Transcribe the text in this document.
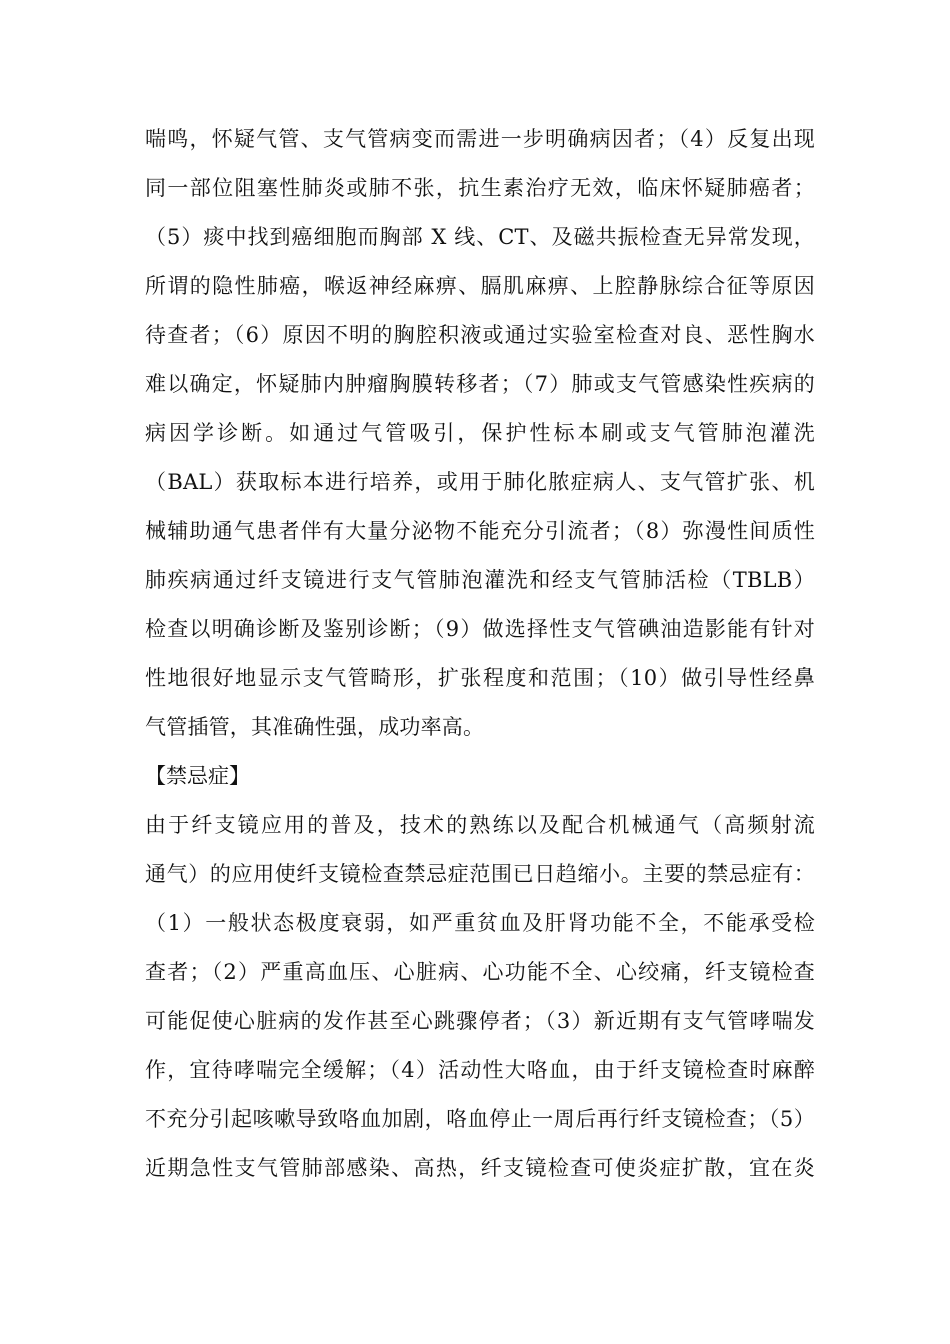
喘鸣，怀疑气管、支气管病变而需进一步明确病因者；（4）反复出现
同一部位阻塞性肺炎或肺不张，抗生素治疗无效，临床怀疑肺癌者；
（5）痰中找到癌细胞而胸部 X 线、CT、及磁共振检查无异常发现，
所谓的隐性肺癌，喉返神经麻痹、膈肌麻痹、上腔静脉综合征等原因
待查者；（6）原因不明的胸腔积液或通过实验室检查对良、恶性胸水
难以确定，怀疑肺内肿瘤胸膜转移者；（7）肺或支气管感染性疾病的
病因学诊断。如通过气管吸引，保护性标本刷或支气管肺泡灌洗
（BAL）获取标本进行培养，或用于肺化脓症病人、支气管扩张、机
械辅助通气患者伴有大量分泌物不能充分引流者；（8）弥漫性间质性
肺疾病通过纤支镜进行支气管肺泡灌洗和经支气管肺活检（TBLB）
检查以明确诊断及鉴别诊断；（9）做选择性支气管碘油造影能有针对
性地很好地显示支气管畸形，扩张程度和范围；（10）做引导性经鼻
气管插管，其准确性强，成功率高。
【禁忌症】
由于纤支镜应用的普及，技术的熟练以及配合机械通气（高频射流
通气）的应用使纤支镜检查禁忌症范围已日趋缩小。主要的禁忌症有：
（1）一般状态极度衰弱，如严重贫血及肝肾功能不全，不能承受检
查者；（2）严重高血压、心脏病、心功能不全、心绞痛，纤支镜检查
可能促使心脏病的发作甚至心跳骤停者；（3）新近期有支气管哮喘发
作，宜待哮喘完全缓解；（4）活动性大咯血，由于纤支镜检查时麻醉
不充分引起咳嗽导致咯血加剧，咯血停止一周后再行纤支镜检查；（5）
近期急性支气管肺部感染、高热，纤支镜检查可使炎症扩散，宜在炎
